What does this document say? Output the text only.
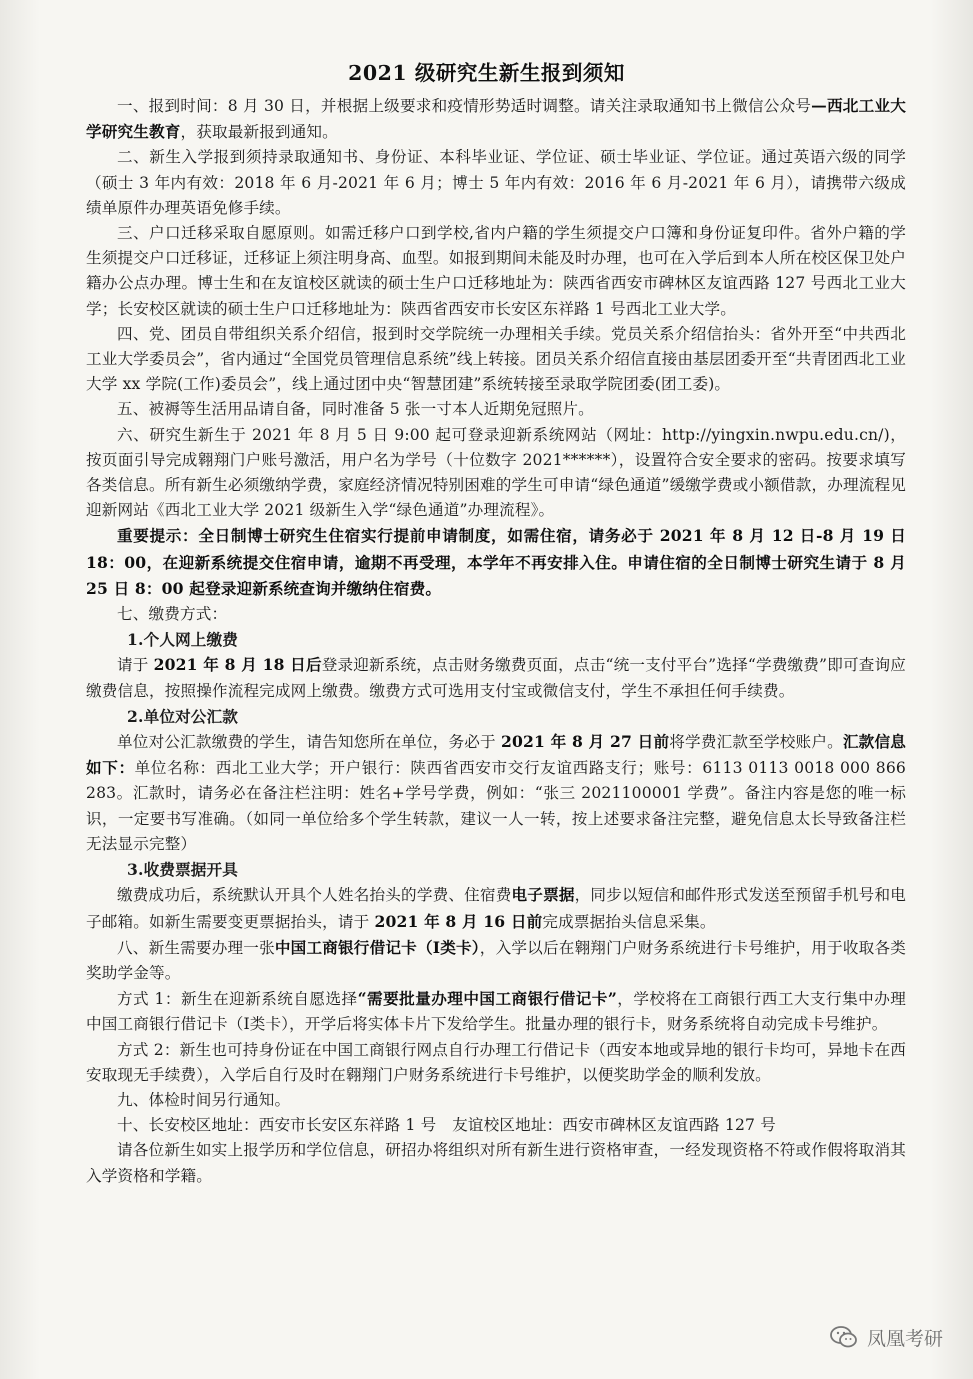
2021 级研究生新生报到须知

一、报到时间：8 月 30 日，并根据上级要求和疫情形势适时调整。请关注录取通知书上微信公众号—西北工业大学研究生教育，获取最新报到通知。

二、新生入学报到须持录取通知书、身份证、本科毕业证、学位证、硕士毕业证、学位证。通过英语六级的同学（硕士 3 年内有效：2018 年 6 月-2021 年 6 月；博士 5 年内有效：2016 年 6 月-2021 年 6 月），请携带六级成绩单原件办理英语免修手续。

三、户口迁移采取自愿原则。如需迁移户口到学校,省内户籍的学生须提交户口簿和身份证复印件。省外户籍的学生须提交户口迁移证，迁移证上须注明身高、血型。如报到期间未能及时办理，也可在入学后到本人所在校区保卫处户籍办公点办理。博士生和在友谊校区就读的硕士生户口迁移地址为：陕西省西安市碑林区友谊西路 127 号西北工业大学；长安校区就读的硕士生户口迁移地址为：陕西省西安市长安区东祥路 1 号西北工业大学。

四、党、团员自带组织关系介绍信，报到时交学院统一办理相关手续。党员关系介绍信抬头：省外开至“中共西北工业大学委员会”，省内通过“全国党员管理信息系统”线上转接。团员关系介绍信直接由基层团委开至“共青团西北工业大学 xx 学院(工作)委员会”，线上通过团中央“智慧团建”系统转接至录取学院团委(团工委)。

五、被褥等生活用品请自备，同时准备 5 张一寸本人近期免冠照片。

六、研究生新生于 2021 年 8 月 5 日 9:00 起可登录迎新系统网站（网址：http://yingxin.nwpu.edu.cn/)，按页面引导完成翱翔门户账号激活，用户名为学号（十位数字 2021******），设置符合安全要求的密码。按要求填写各类信息。所有新生必须缴纳学费，家庭经济情况特别困难的学生可申请“绿色通道”缓缴学费或小额借款，办理流程见迎新网站《西北工业大学 2021 级新生入学“绿色通道”办理流程》。

重要提示：全日制博士研究生住宿实行提前申请制度，如需住宿，请务必于 2021 年 8 月 12 日-8 月 19 日 18：00，在迎新系统提交住宿申请，逾期不再受理，本学年不再安排入住。申请住宿的全日制博士研究生请于 8 月 25 日 8：00 起登录迎新系统查询并缴纳住宿费。

七、缴费方式：

1.个人网上缴费

请于 2021 年 8 月 18 日后登录迎新系统，点击财务缴费页面，点击“统一支付平台”选择“学费缴费”即可查询应缴费信息，按照操作流程完成网上缴费。缴费方式可选用支付宝或微信支付，学生不承担任何手续费。

2.单位对公汇款

单位对公汇款缴费的学生，请告知您所在单位，务必于 2021 年 8 月 27 日前将学费汇款至学校账户。汇款信息如下：单位名称：西北工业大学；开户银行：陕西省西安市交行友谊西路支行；账号：6113 0113 0018 000 866 283。汇款时，请务必在备注栏注明：姓名+学号学费，例如：“张三 2021100001 学费”。备注内容是您的唯一标识，一定要书写准确。（如同一单位给多个学生转款，建议一人一转，按上述要求备注完整，避免信息太长导致备注栏无法显示完整）

3.收费票据开具

缴费成功后，系统默认开具个人姓名抬头的学费、住宿费电子票据，同步以短信和邮件形式发送至预留手机号和电子邮箱。如新生需要变更票据抬头，请于 2021 年 8 月 16 日前完成票据抬头信息采集。

八、新生需要办理一张中国工商银行借记卡（Ⅰ类卡），入学以后在翱翔门户财务系统进行卡号维护，用于收取各类奖助学金等。

方式 1：新生在迎新系统自愿选择“需要批量办理中国工商银行借记卡”，学校将在工商银行西工大支行集中办理中国工商银行借记卡（Ⅰ类卡），开学后将实体卡片下发给学生。批量办理的银行卡，财务系统将自动完成卡号维护。

方式 2：新生也可持身份证在中国工商银行网点自行办理工行借记卡（西安本地或异地的银行卡均可，异地卡在西安取现无手续费），入学后自行及时在翱翔门户财务系统进行卡号维护，以便奖助学金的顺利发放。

九、体检时间另行通知。

十、长安校区地址：西安市长安区东祥路 1 号　友谊校区地址：西安市碑林区友谊西路 127 号

请各位新生如实上报学历和学位信息，研招办将组织对所有新生进行资格审查，一经发现资格不符或作假将取消其入学资格和学籍。

凤凰考研
